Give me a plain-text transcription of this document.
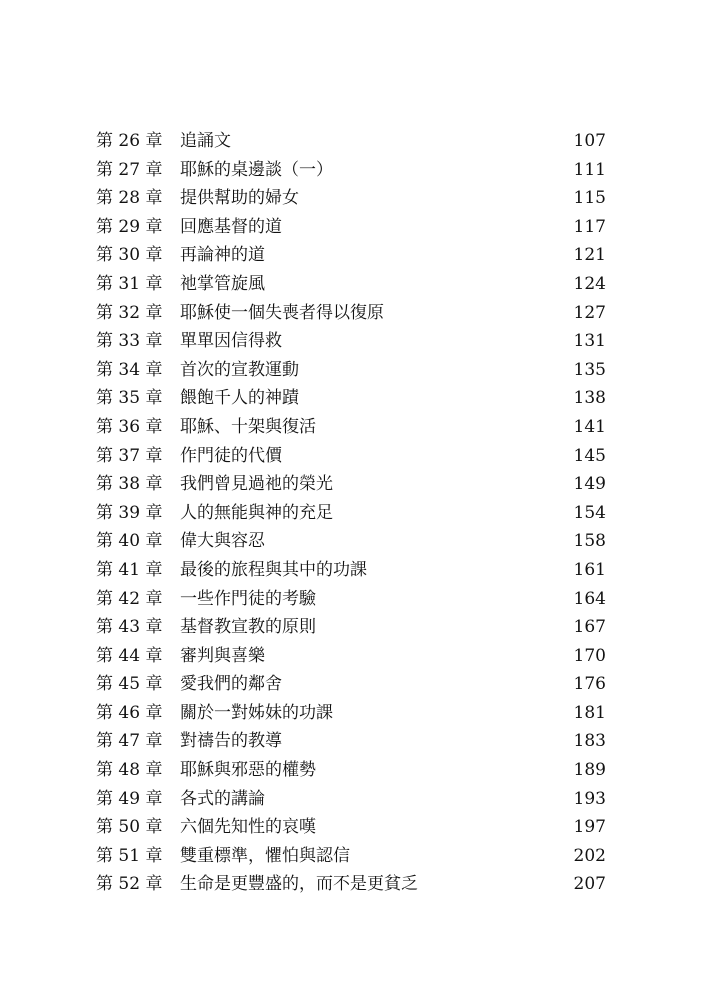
第 26 章 追誦文	107
第 27 章 耶穌的桌邊談（一）	111
第 28 章 提供幫助的婦女	115
第 29 章 回應基督的道	117
第 30 章 再論神的道	121
第 31 章 祂掌管旋風	124
第 32 章 耶穌使一個失喪者得以復原	127
第 33 章 單單因信得救	131
第 34 章 首次的宣教運動	135
第 35 章 餵飽千人的神蹟	138
第 36 章 耶穌、十架與復活	141
第 37 章 作門徒的代價	145
第 38 章 我們曾見過祂的榮光	149
第 39 章 人的無能與神的充足	154
第 40 章 偉大與容忍	158
第 41 章 最後的旅程與其中的功課	161
第 42 章 一些作門徒的考驗	164
第 43 章 基督教宣教的原則	167
第 44 章 審判與喜樂	170
第 45 章 愛我們的鄰舍	176
第 46 章 關於一對姊妹的功課	181
第 47 章 對禱告的教導	183
第 48 章 耶穌與邪惡的權勢	189
第 49 章 各式的講論	193
第 50 章 六個先知性的哀嘆	197
第 51 章 雙重標準，懼怕與認信	202
第 52 章 生命是更豐盛的，而不是更貧乏	207
